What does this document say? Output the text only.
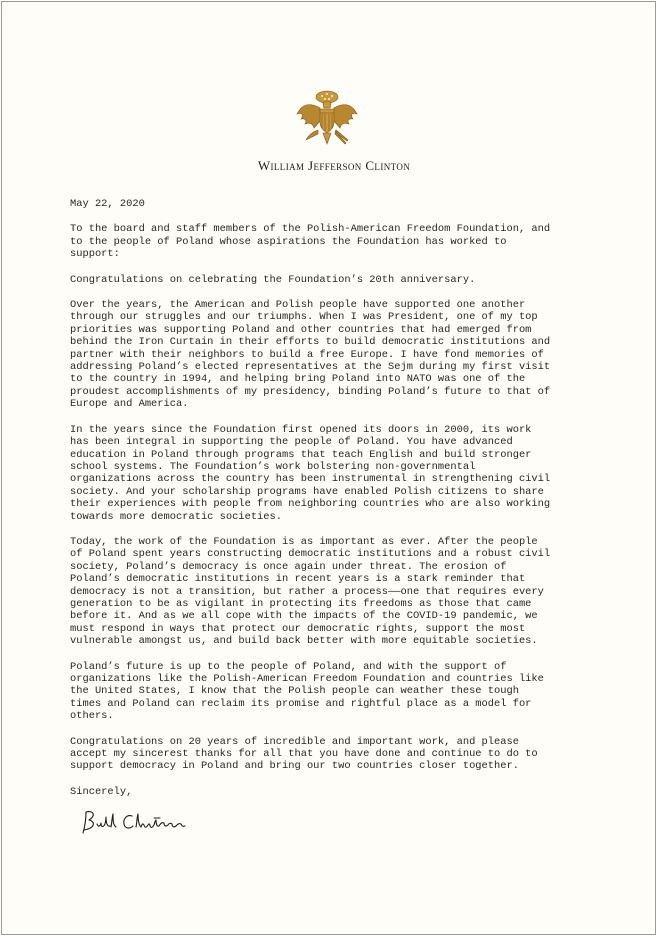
William Jefferson Clinton

May 22, 2020

To the board and staff members of the Polish-American Freedom Foundation, and
to the people of Poland whose aspirations the Foundation has worked to
support:

Congratulations on celebrating the Foundation’s 20th anniversary.

Over the years, the American and Polish people have supported one another
through our struggles and our triumphs. When I was President, one of my top
priorities was supporting Poland and other countries that had emerged from
behind the Iron Curtain in their efforts to build democratic institutions and
partner with their neighbors to build a free Europe. I have fond memories of
addressing Poland’s elected representatives at the Sejm during my first visit
to the country in 1994, and helping bring Poland into NATO was one of the
proudest accomplishments of my presidency, binding Poland’s future to that of
Europe and America.

In the years since the Foundation first opened its doors in 2000, its work
has been integral in supporting the people of Poland. You have advanced
education in Poland through programs that teach English and build stronger
school systems. The Foundation’s work bolstering non-governmental
organizations across the country has been instrumental in strengthening civil
society. And your scholarship programs have enabled Polish citizens to share
their experiences with people from neighboring countries who are also working
towards more democratic societies.

Today, the work of the Foundation is as important as ever. After the people
of Poland spent years constructing democratic institutions and a robust civil
society, Poland’s democracy is once again under threat. The erosion of
Poland’s democratic institutions in recent years is a stark reminder that
democracy is not a transition, but rather a process——one that requires every
generation to be as vigilant in protecting its freedoms as those that came
before it. And as we all cope with the impacts of the COVID-19 pandemic, we
must respond in ways that protect our democratic rights, support the most
vulnerable amongst us, and build back better with more equitable societies.

Poland’s future is up to the people of Poland, and with the support of
organizations like the Polish-American Freedom Foundation and countries like
the United States, I know that the Polish people can weather these tough
times and Poland can reclaim its promise and rightful place as a model for
others.

Congratulations on 20 years of incredible and important work, and please
accept my sincerest thanks for all that you have done and continue to do to
support democracy in Poland and bring our two countries closer together.

Sincerely,
